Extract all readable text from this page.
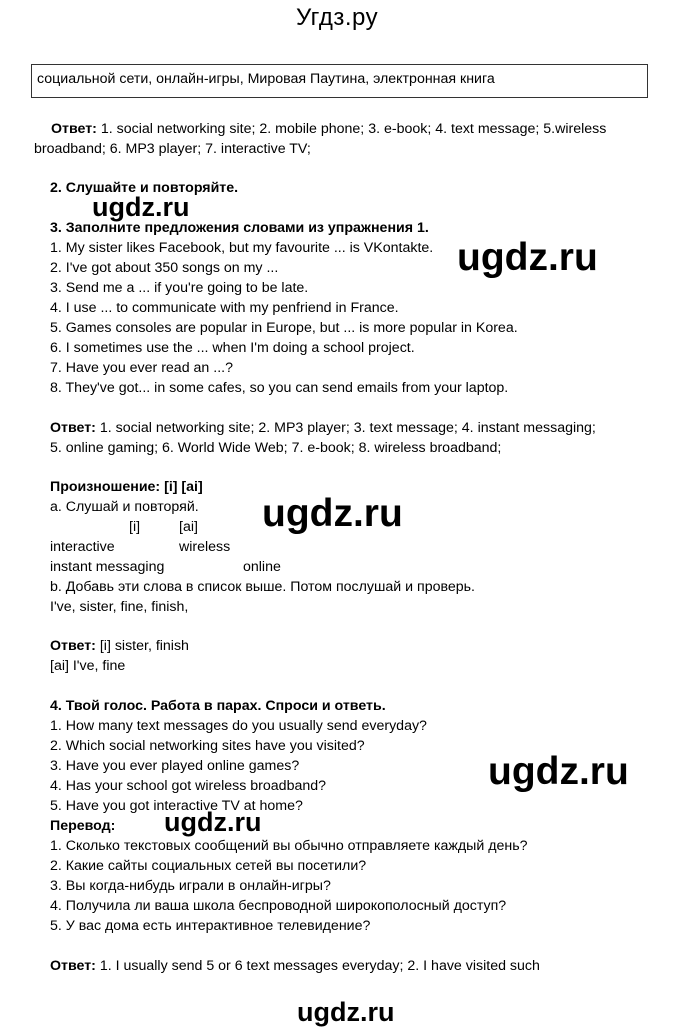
Угдз.ру
социальной сети, онлайн-игры, Мировая Паутина, электронная книга
Ответ: 1. social networking site; 2. mobile phone; 3. e-book; 4. text message; 5.wireless
broadband; 6. MP3 player; 7. interactive TV;
2. Слушайте и повторяйте.
3. Заполните предложения словами из упражнения 1.
1. My sister likes Facebook, but my favourite ... is VKontakte.
2. I've got about 350 songs on my ...
3. Send me a ... if you're going to be late.
4. I use ... to communicate with my penfriend in France.
5. Games consoles are popular in Europe, but ... is more popular in Korea.
6. I sometimes use the ... when I'm doing a school project.
7. Have you ever read an ...?
8. They've got... in some cafes, so you can send emails from your laptop.
Ответ: 1. social networking site; 2. MP3 player; 3. text message; 4. instant messaging;
5. online gaming; 6. World Wide Web; 7. e-book; 8. wireless broadband;
Произношение: [i] [ai]
a. Слушай и повторяй.
[i]	[ai]
interactive	wireless
instant messaging	online
b. Добавь эти слова в список выше. Потом послушай и проверь.
I've, sister, fine, finish,
Ответ: [i] sister, finish
[ai] I've, fine
4. Твой голос. Работа в парах. Спроси и ответь.
1. How many text messages do you usually send everyday?
2. Which social networking sites have you visited?
3. Have you ever played online games?
4. Has your school got wireless broadband?
5. Have you got interactive TV at home?
Перевод:
1. Сколько текстовых сообщений вы обычно отправляете каждый день?
2. Какие сайты социальных сетей вы посетили?
3. Вы когда-нибудь играли в онлайн-игры?
4. Получила ли ваша школа беспроводной широкополосный доступ?
5. У вас дома есть интерактивное телевидение?
Ответ: 1. I usually send 5 or 6 text messages everyday; 2. I have visited such
ugdz.ru
ugdz.ru
ugdz.ru
ugdz.ru
ugdz.ru
ugdz.ru
